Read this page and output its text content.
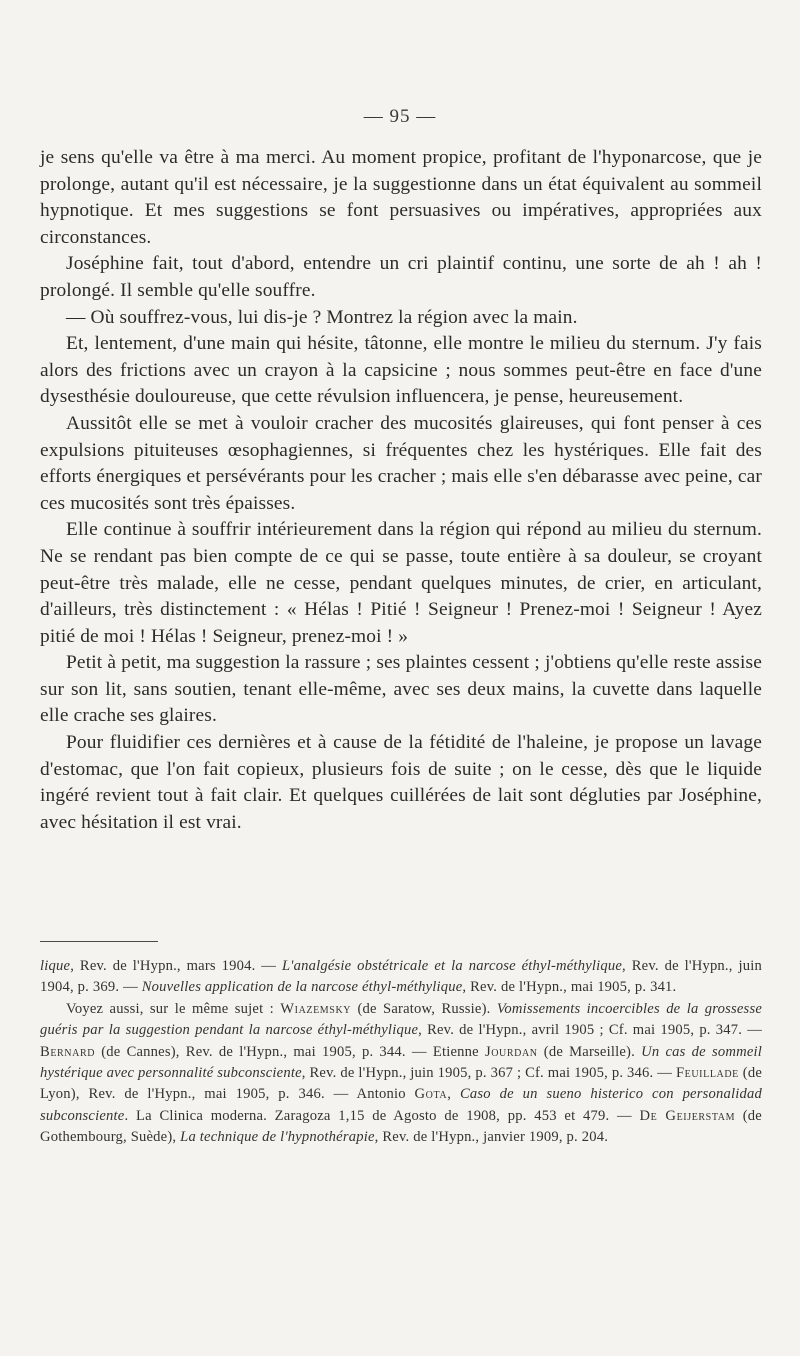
— 95 —

je sens qu'elle va être à ma merci. Au moment propice, profitant de l'hyponarcose, que je prolonge, autant qu'il est nécessaire, je la suggestionne dans un état équivalent au sommeil hypnotique. Et mes suggestions se font persuasives ou impératives, appropriées aux circonstances.

Joséphine fait, tout d'abord, entendre un cri plaintif continu, une sorte de ah ! ah ! prolongé. Il semble qu'elle souffre.

— Où souffrez-vous, lui dis-je ? Montrez la région avec la main.

Et, lentement, d'une main qui hésite, tâtonne, elle montre le milieu du sternum. J'y fais alors des frictions avec un crayon à la capsicine ; nous sommes peut-être en face d'une dysesthésie douloureuse, que cette révulsion influencera, je pense, heureusement.

Aussitôt elle se met à vouloir cracher des mucosités glaireuses, qui font penser à ces expulsions pituiteuses œsophagiennes, si fréquentes chez les hystériques. Elle fait des efforts énergiques et persévérants pour les cracher ; mais elle s'en débarasse avec peine, car ces mucosités sont très épaisses.

Elle continue à souffrir intérieurement dans la région qui répond au milieu du sternum. Ne se rendant pas bien compte de ce qui se passe, toute entière à sa douleur, se croyant peut-être très malade, elle ne cesse, pendant quelques minutes, de crier, en articulant, d'ailleurs, très distinctement : « Hélas ! Pitié ! Seigneur ! Prenez-moi ! Seigneur ! Ayez pitié de moi ! Hélas ! Seigneur, prenez-moi ! »

Petit à petit, ma suggestion la rassure ; ses plaintes cessent ; j'obtiens qu'elle reste assise sur son lit, sans soutien, tenant elle-même, avec ses deux mains, la cuvette dans laquelle elle crache ses glaires.

Pour fluidifier ces dernières et à cause de la fétidité de l'haleine, je propose un lavage d'estomac, que l'on fait copieux, plusieurs fois de suite ; on le cesse, dès que le liquide ingéré revient tout à fait clair. Et quelques cuillérées de lait sont dégluties par Joséphine, avec hésitation il est vrai.

lique, Rev. de l'Hypn., mars 1904. — L'analgésie obstétricale et la narcose éthyl-méthylique, Rev. de l'Hypn., juin 1904, p. 369. — Nouvelles application de la narcose éthyl-méthylique, Rev. de l'Hypn., mai 1905, p. 341.

Voyez aussi, sur le même sujet : Wiazemsky (de Saratow, Russie). Vomissements incoercibles de la grossesse guéris par la suggestion pendant la narcose éthyl-méthylique, Rev. de l'Hypn., avril 1905 ; Cf. mai 1905, p. 347. — Bernard (de Cannes), Rev. de l'Hypn., mai 1905, p. 344. — Etienne Jourdan (de Marseille). Un cas de sommeil hystérique avec personnalité subconsciente, Rev. de l'Hypn., juin 1905, p. 367 ; Cf. mai 1905, p. 346. — Feuillade (de Lyon), Rev. de l'Hypn., mai 1905, p. 346. — Antonio Gota, Caso de un sueno histerico con personalidad subconsciente. La Clinica moderna. Zaragoza 1,15 de Agosto de 1908, pp. 453 et 479. — De Geijerstam (de Gothembourg, Suède), La technique de l'hypnothérapie, Rev. de l'Hypn., janvier 1909, p. 204.
